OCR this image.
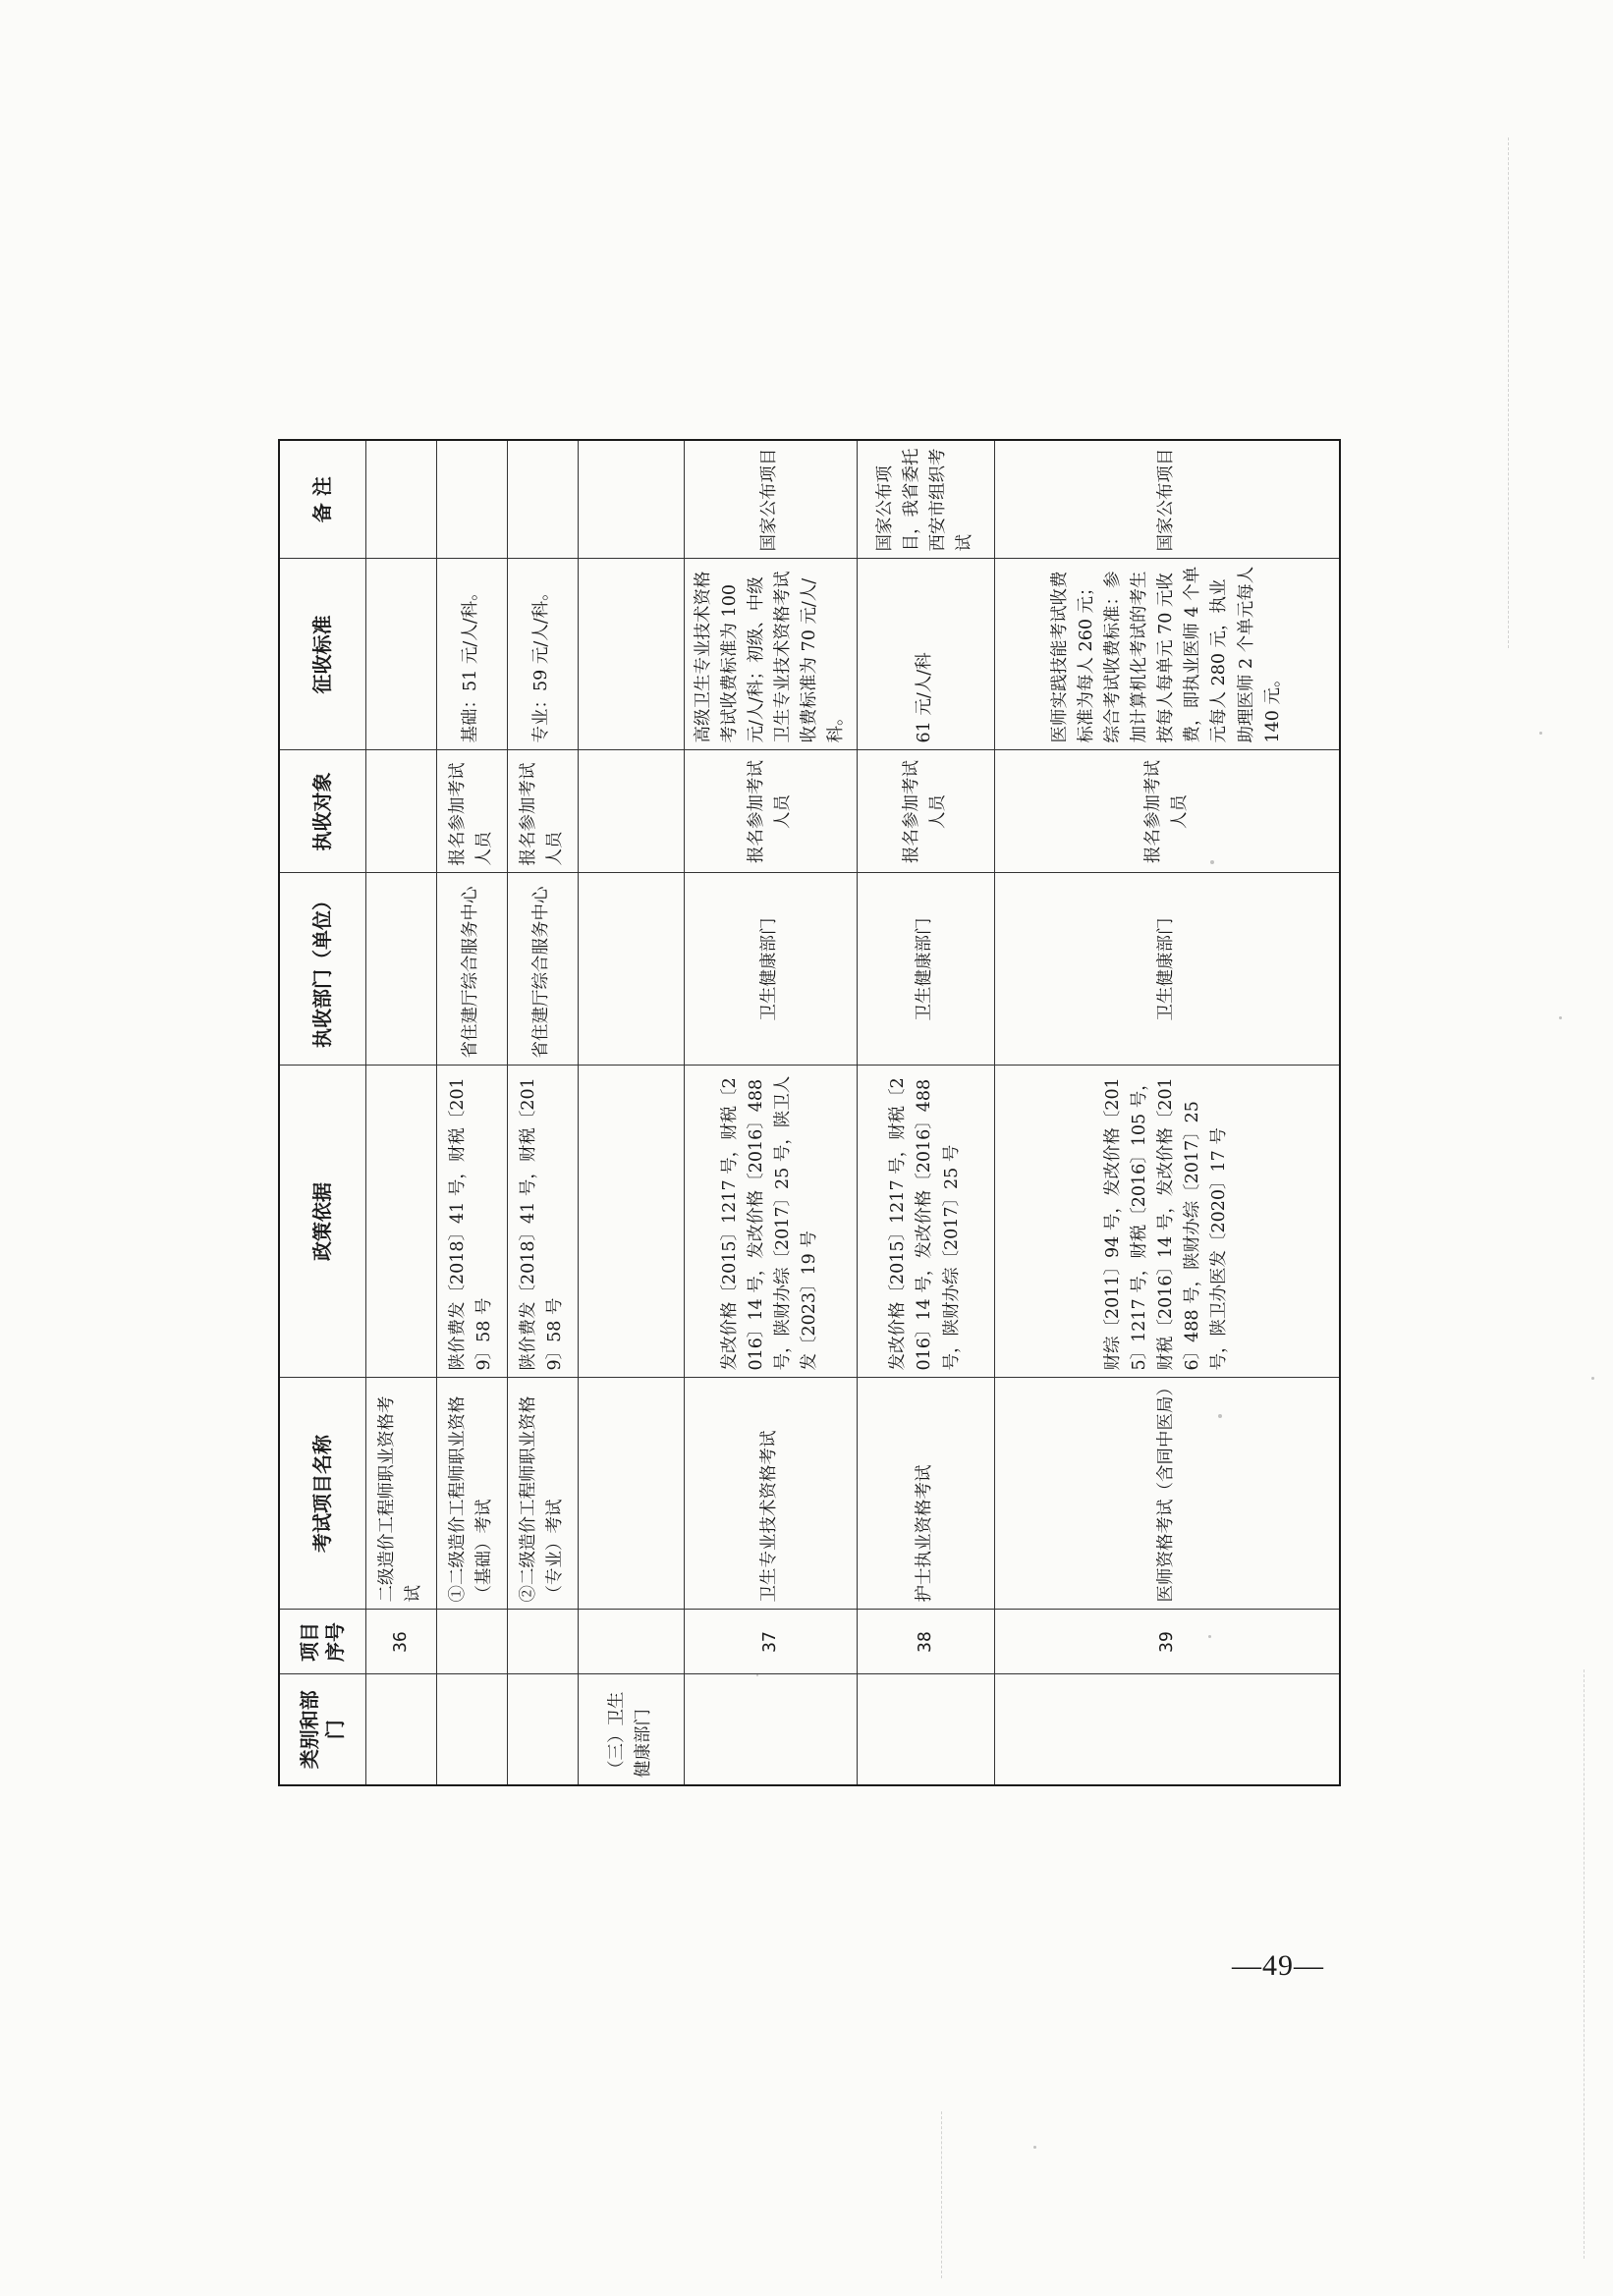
类别和部门	项目序号	考试项目名称	政策依据	执收部门（单位）	执收对象	征收标准	备 注
	36	二级造价工程师职业资格考试					
		①二级造价工程师职业资格（基础）考试	陕价费发〔2018〕41 号，财税〔2019〕58 号	省住建厅综合服务中心	报名参加考试人员	基础：51 元/人/科。	
		②二级造价工程师职业资格（专业）考试	陕价费发〔2018〕41 号，财税〔2019〕58 号	省住建厅综合服务中心	报名参加考试人员	专业：59 元/人/科。	
（三）卫生健康部门							
	37	卫生专业技术资格考试	发改价格〔2015〕1217 号，财税〔2016〕14 号，发改价格〔2016〕488 号，陕财办综〔2017〕25 号，陕卫人发〔2023〕19 号	卫生健康部门	报名参加考试人员	高级卫生专业技术资格考试收费标准为 100 元/人/科；初级、中级卫生专业技术资格考试收费标准为 70 元/人/科。	国家公布项目
	38	护士执业资格考试	发改价格〔2015〕1217 号，财税〔2016〕14 号，发改价格〔2016〕488 号，陕财办综〔2017〕25 号	卫生健康部门	报名参加考试人员	61 元/人/科	国家公布项目，我省委托西安市组织考试
	39	医师资格考试（含同中医局）	财综〔2011〕94 号，发改价格〔2015〕1217 号，财税〔2016〕105 号，财税〔2016〕14 号，发改价格〔2016〕488 号，陕财办综〔2017〕25 号，陕卫办医发〔2020〕17 号	卫生健康部门	报名参加考试人员	医师实践技能考试收费标准为每人 260 元；综合考试收费标准：参加计算机化考试的考生按每人每单元 70 元收费，即执业医师 4 个单元每人 280 元，执业助理医师 2 个单元每人 140 元。	国家公布项目
—49—
